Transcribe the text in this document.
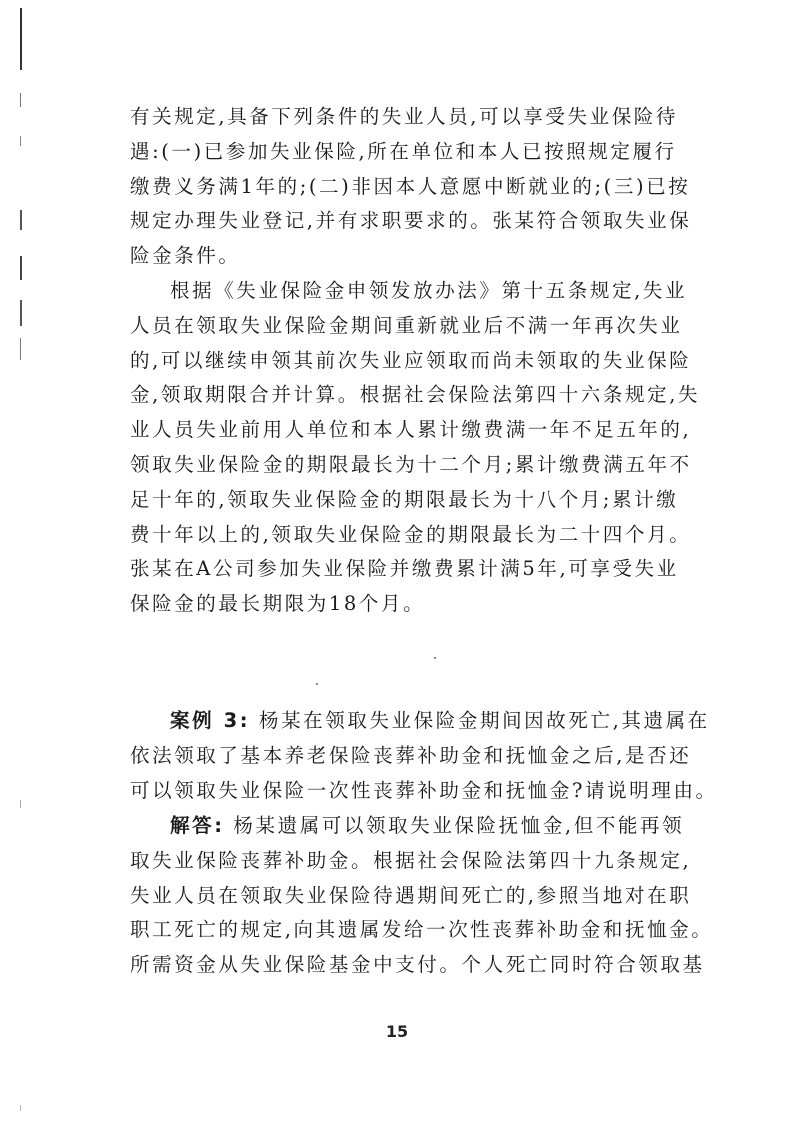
有关规定,具备下列条件的失业人员,可以享受失业保险待
遇:(一)已参加失业保险,所在单位和本人已按照规定履行
缴费义务满1年的;(二)非因本人意愿中断就业的;(三)已按
规定办理失业登记,并有求职要求的。张某符合领取失业保
险金条件。
根据《失业保险金申领发放办法》第十五条规定,失业
人员在领取失业保险金期间重新就业后不满一年再次失业
的,可以继续申领其前次失业应领取而尚未领取的失业保险
金,领取期限合并计算。根据社会保险法第四十六条规定,失
业人员失业前用人单位和本人累计缴费满一年不足五年的,
领取失业保险金的期限最长为十二个月;累计缴费满五年不
足十年的,领取失业保险金的期限最长为十八个月;累计缴
费十年以上的,领取失业保险金的期限最长为二十四个月。
张某在A公司参加失业保险并缴费累计满5年,可享受失业
保险金的最长期限为18个月。
案例 3: 杨某在领取失业保险金期间因故死亡,其遗属在
依法领取了基本养老保险丧葬补助金和抚恤金之后,是否还
可以领取失业保险一次性丧葬补助金和抚恤金?请说明理由。
解答: 杨某遗属可以领取失业保险抚恤金,但不能再领
取失业保险丧葬补助金。根据社会保险法第四十九条规定,
失业人员在领取失业保险待遇期间死亡的,参照当地对在职
职工死亡的规定,向其遗属发给一次性丧葬补助金和抚恤金。
所需资金从失业保险基金中支付。个人死亡同时符合领取基
15
